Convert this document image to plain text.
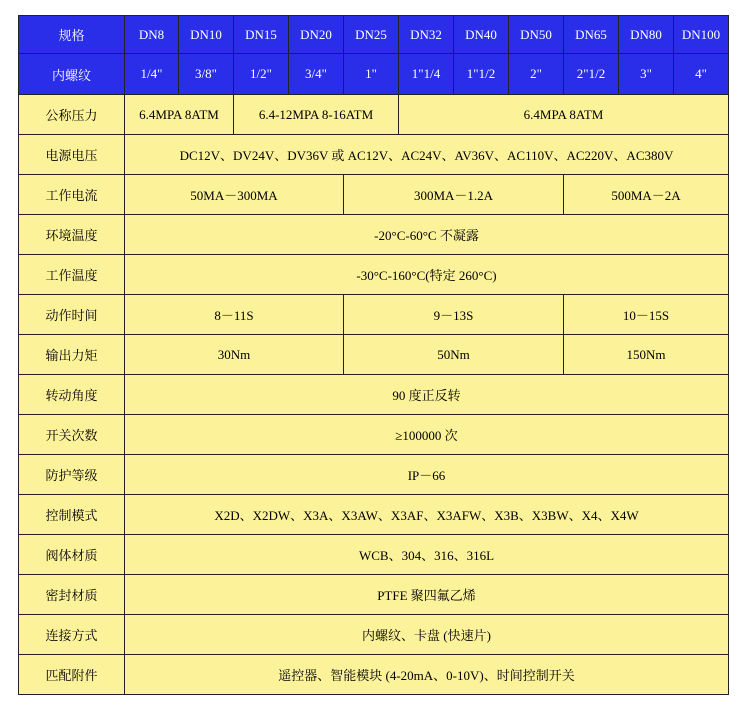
规格	DN8	DN10	DN15	DN20	DN25	DN32	DN40	DN50	DN65	DN80	DN100
内螺纹	1/4"	3/8"	1/2"	3/4"	1"	1"1/4	1"1/2	2"	2"1/2	3"	4"
公称压力	6.4MPA 8ATM		6.4-12MPA 8-16ATM			6.4MPA 8ATM					
电源电压	DC12V、DV24V、DV36V 或 AC12V、AC24V、AV36V、AC110V、AC220V、AC380V										
工作电流	50MA－300MA				300MA－1.2A				500MA－2A		
环境温度	-20°C-60°C 不凝露										
工作温度	-30°C-160°C(特定 260°C)										
动作时间	8－11S				9－13S				10－15S		
输出力矩	30Nm				50Nm				150Nm		
转动角度	90 度正反转										
开关次数	≥100000 次										
防护等级	IP－66										
控制模式	X2D、X2DW、X3A、X3AW、X3AF、X3AFW、X3B、X3BW、X4、X4W										
阀体材质	WCB、304、316、316L										
密封材质	PTFE 聚四氟乙烯										
连接方式	内螺纹、卡盘 (快速片)										
匹配附件	遥控器、智能模块 (4-20mA、0-10V)、时间控制开关										
